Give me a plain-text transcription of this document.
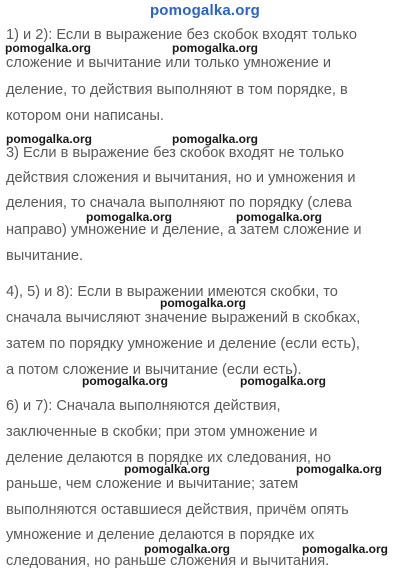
pomogalka.org
1) и 2): Если в выражение без скобок входят только
сложение и вычитание или только умножение и
деление, то действия выполняют в том порядке, в
котором они написаны.
3) Если в выражение без скобок входят не только
действия сложения и вычитания, но и умножения и
деления, то сначала выполняют по порядку (слева
направо) умножение и деление, а затем сложение и
вычитание.
4), 5) и 8): Если в выражении имеются скобки, то
сначала вычисляют значение выражений в скобках,
затем по порядку умножение и деление (если есть),
а потом сложение и вычитание (если есть).
6) и 7): Сначала выполняются действия,
заключенные в скобки; при этом умножение и
деление делаются в порядке их следования, но
раньше, чем сложение и вычитание; затем
выполняются оставшиеся действия, причём опять
умножение и деление делаются в порядке их
следования, но раньше сложения и вычитания.
pomogalka.org	pomogalka.org
pomogalka.org	pomogalka.org
pomogalka.org	pomogalka.org
pomogalka.org
pomogalka.org	pomogalka.org
pomogalka.org	pomogalka.org
pomogalka.org	pomogalka.org
